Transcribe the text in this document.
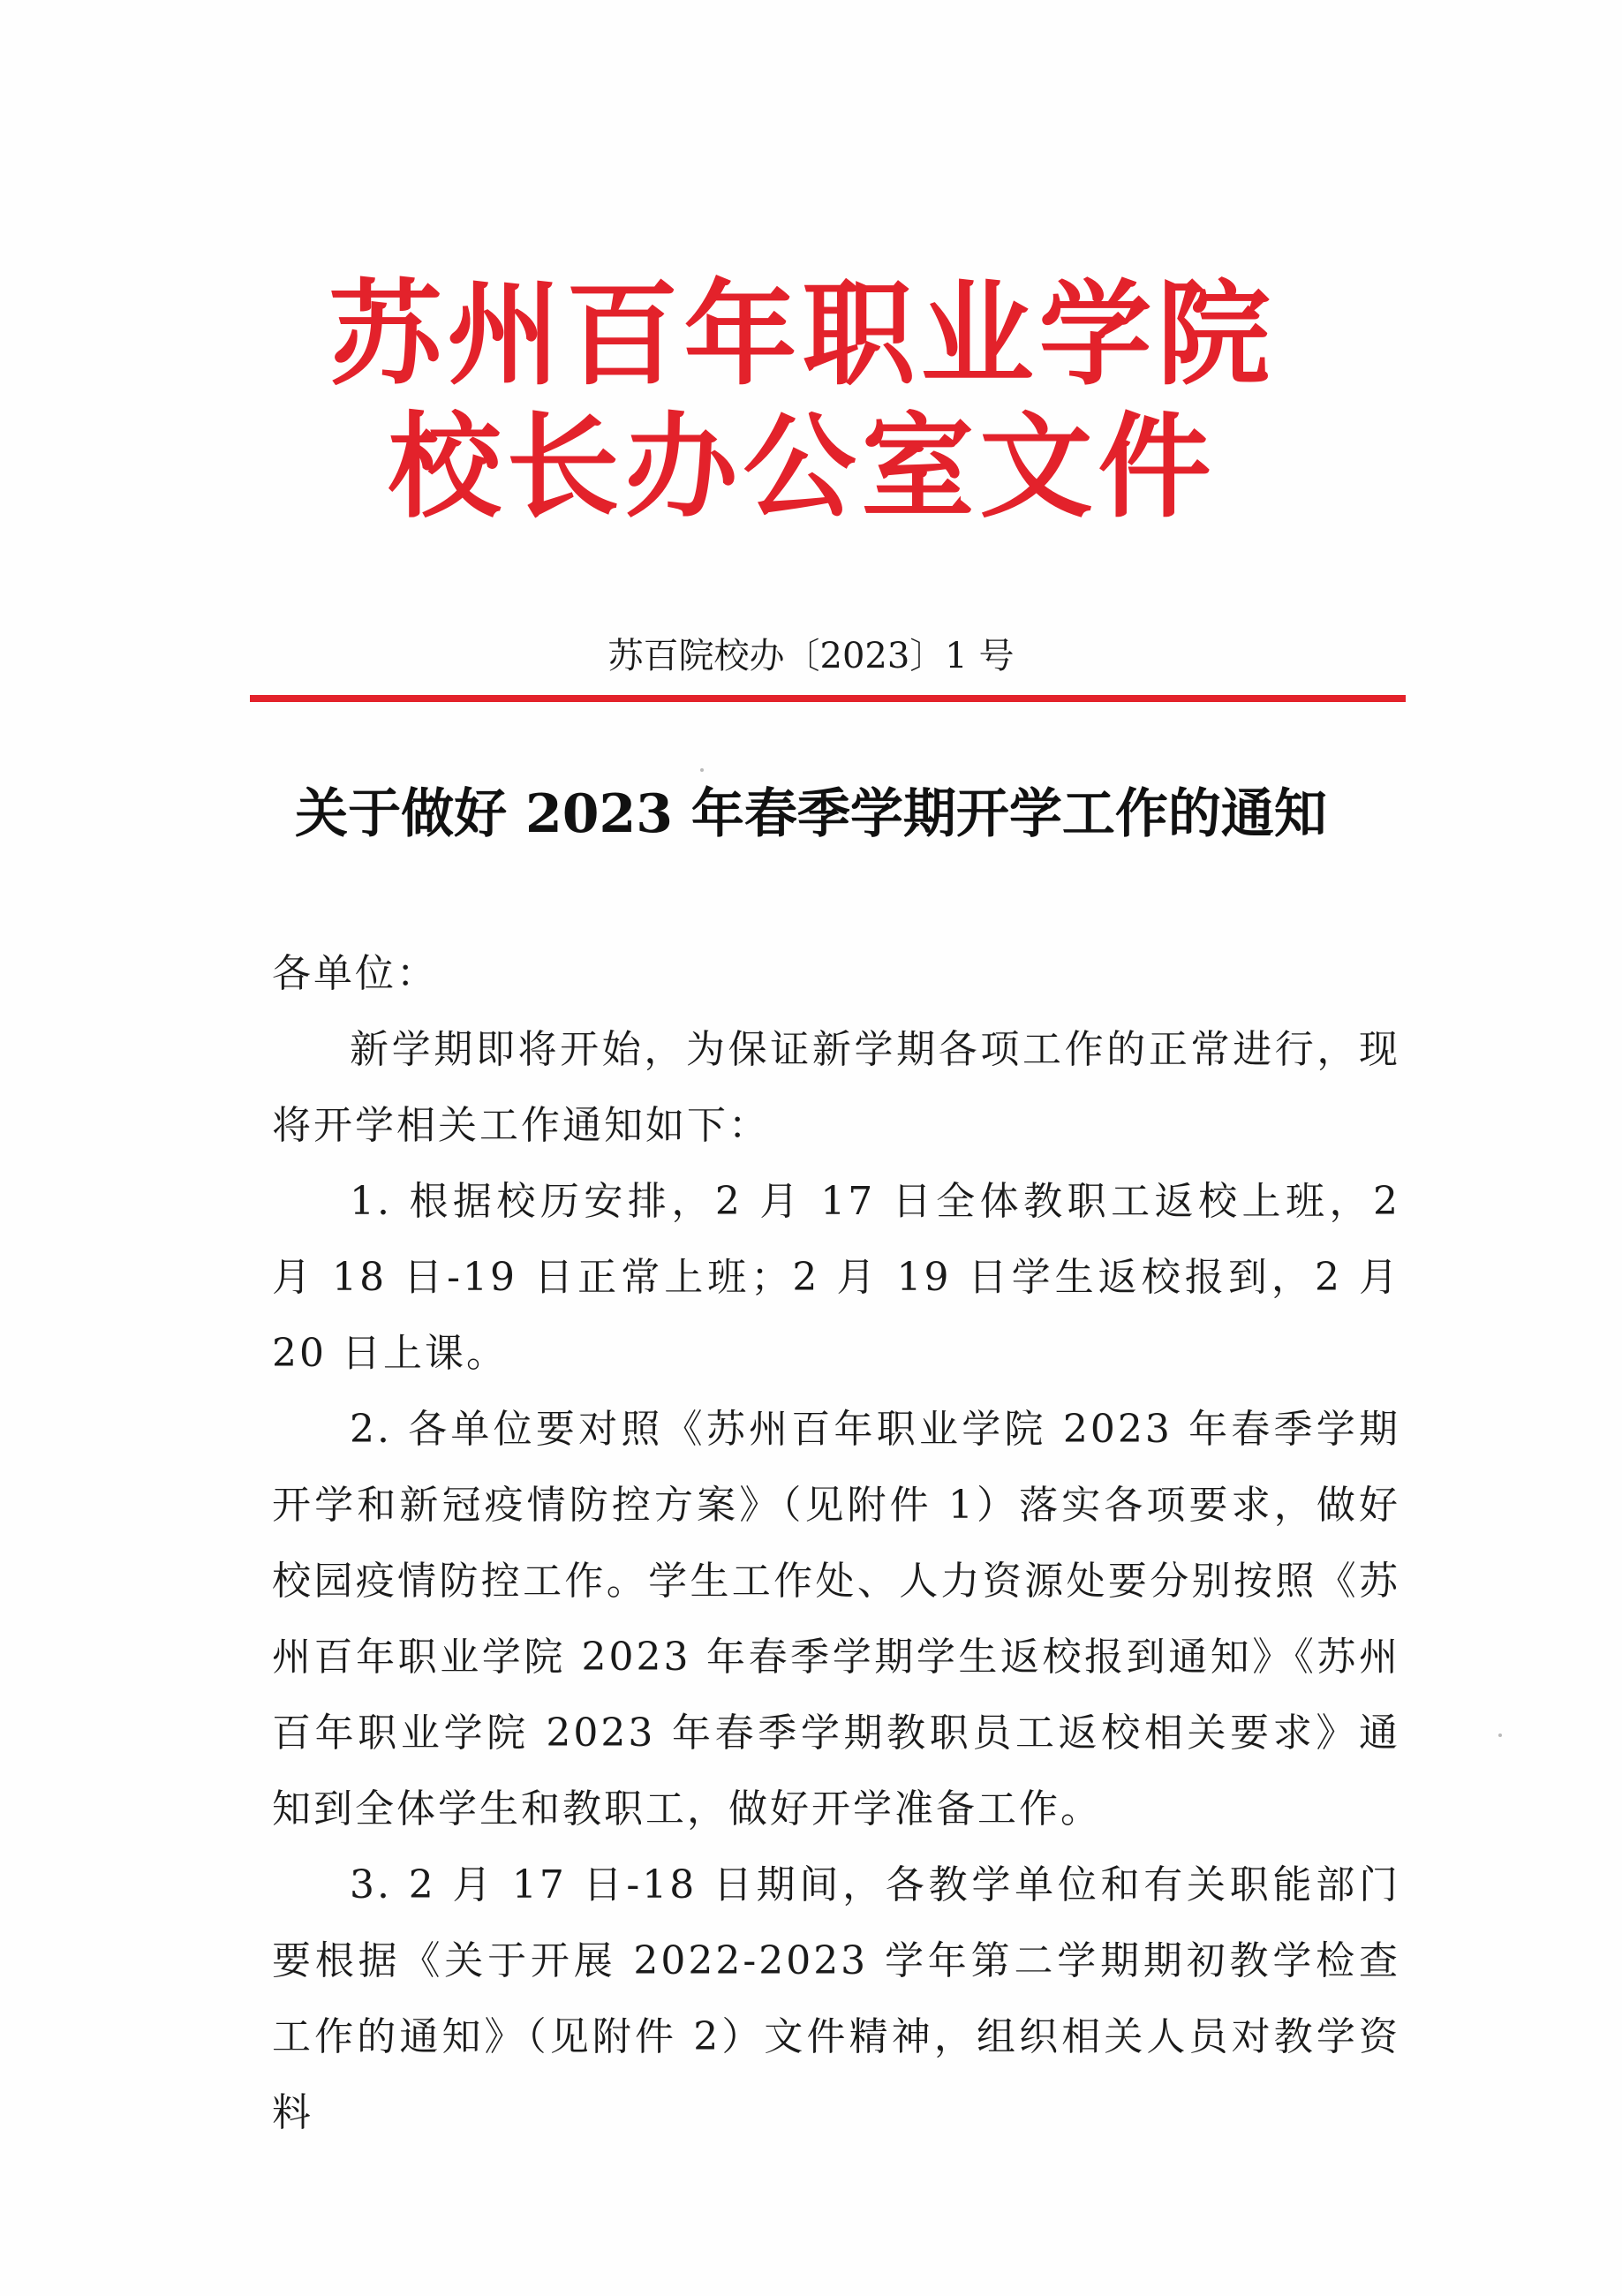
苏州百年职业学院
校长办公室文件
苏百院校办〔2023〕1 号
关于做好 2023 年春季学期开学工作的通知
各单位：

新学期即将开始，为保证新学期各项工作的正常进行，现将开学相关工作通知如下：

1. 根据校历安排，2 月 17 日全体教职工返校上班，2 月 18 日-19 日正常上班；2 月 19 日学生返校报到，2 月 20 日上课。

2. 各单位要对照《苏州百年职业学院 2023 年春季学期开学和新冠疫情防控方案》（见附件 1）落实各项要求，做好校园疫情防控工作。学生工作处、人力资源处要分别按照《苏州百年职业学院 2023 年春季学期学生返校报到通知》《苏州百年职业学院 2023 年春季学期教职员工返校相关要求》通知到全体学生和教职工，做好开学准备工作。

3. 2 月 17 日-18 日期间，各教学单位和有关职能部门要根据《关于开展 2022-2023 学年第二学期期初教学检查工作的通知》（见附件 2）文件精神，组织相关人员对教学资料
